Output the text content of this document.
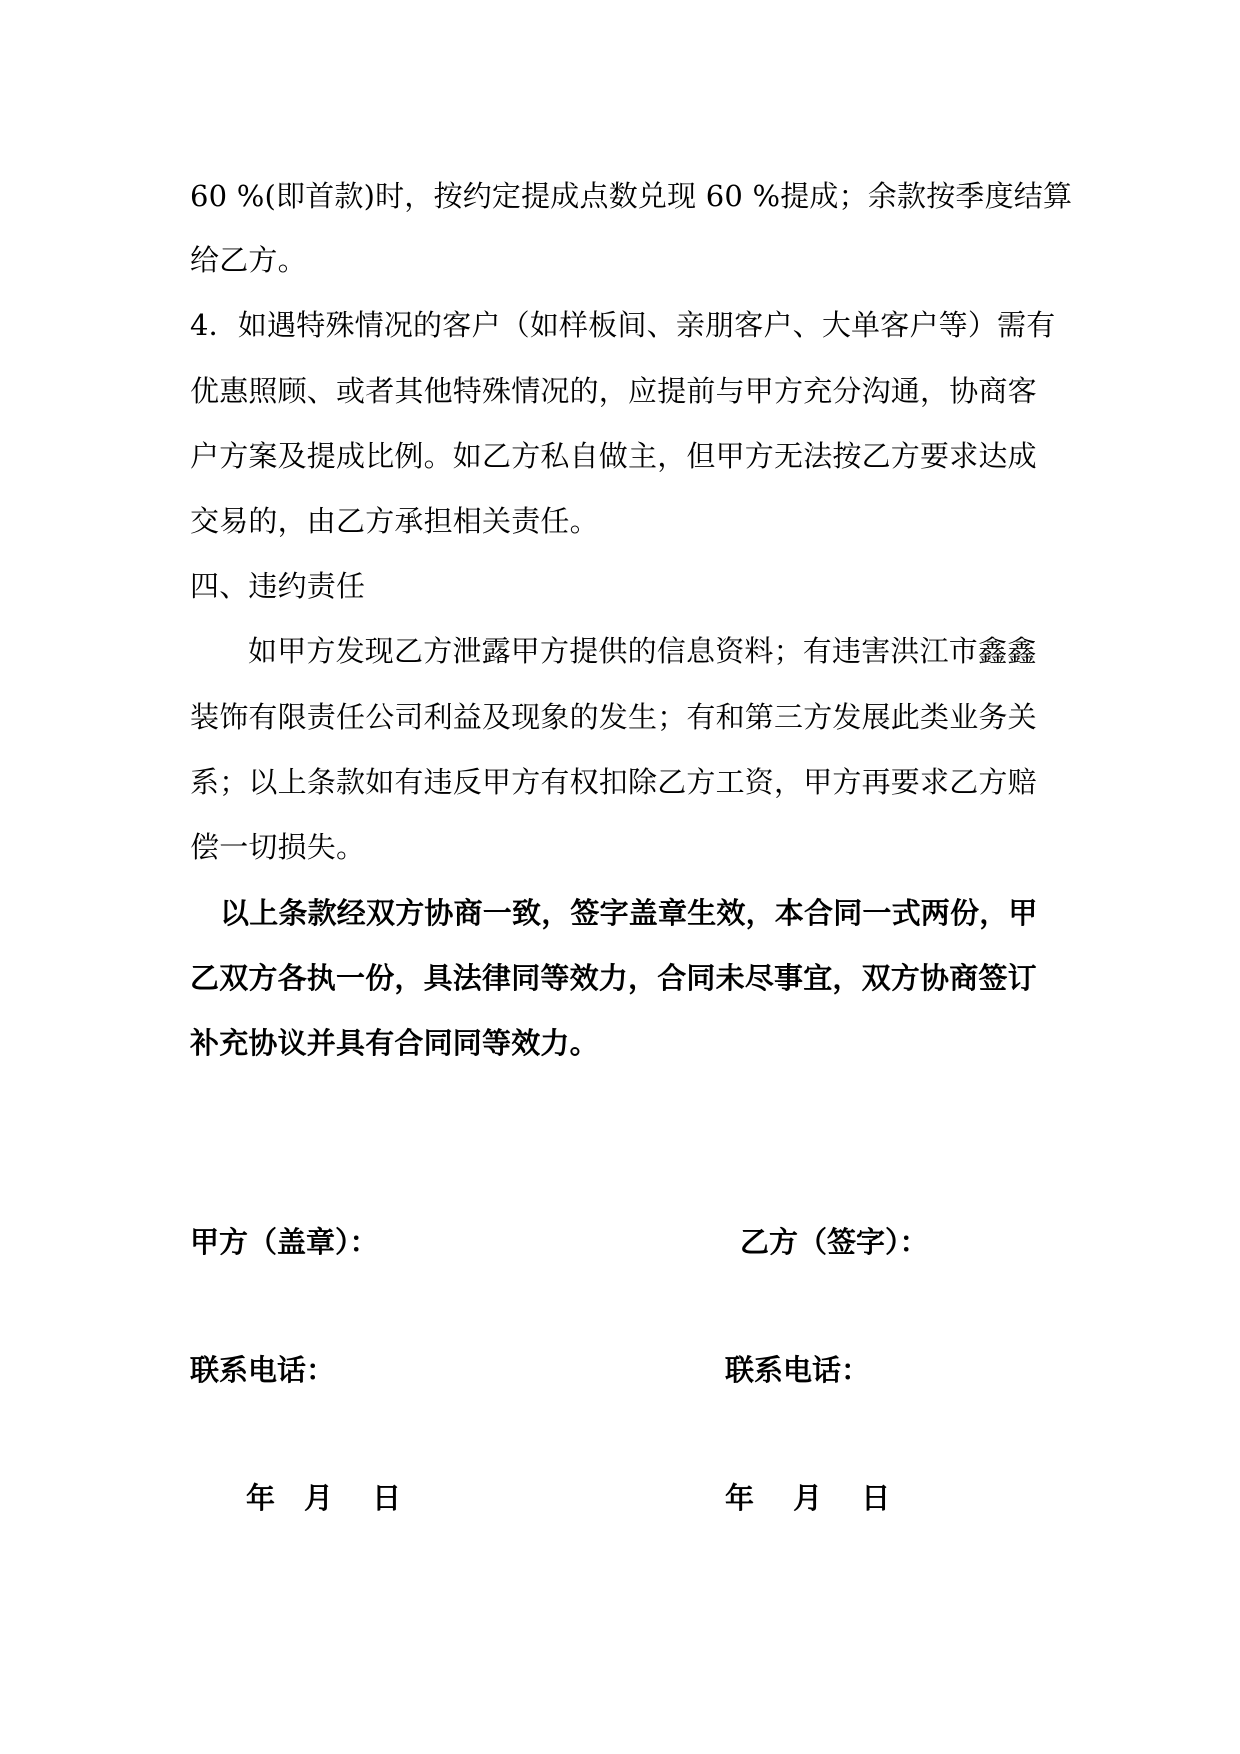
60 %(即首款)时，按约定提成点数兑现 60 %提成；余款按季度结算
给乙方。
4．如遇特殊情况的客户（如样板间、亲朋客户、大单客户等）需有
优惠照顾、或者其他特殊情况的，应提前与甲方充分沟通，协商客
户方案及提成比例。如乙方私自做主，但甲方无法按乙方要求达成
交易的，由乙方承担相关责任。
四、违约责任
如甲方发现乙方泄露甲方提供的信息资料；有违害洪江市鑫鑫
装饰有限责任公司利益及现象的发生；有和第三方发展此类业务关
系；以上条款如有违反甲方有权扣除乙方工资，甲方再要求乙方赔
偿一切损失。
以上条款经双方协商一致，签字盖章生效，本合同一式两份，甲
乙双方各执一份，具法律同等效力，合同未尽事宜，双方协商签订
补充协议并具有合同同等效力。
甲方（盖章）：	乙方（签字）：
联系电话：	联系电话：
年　月　 日	年　 月　 日
